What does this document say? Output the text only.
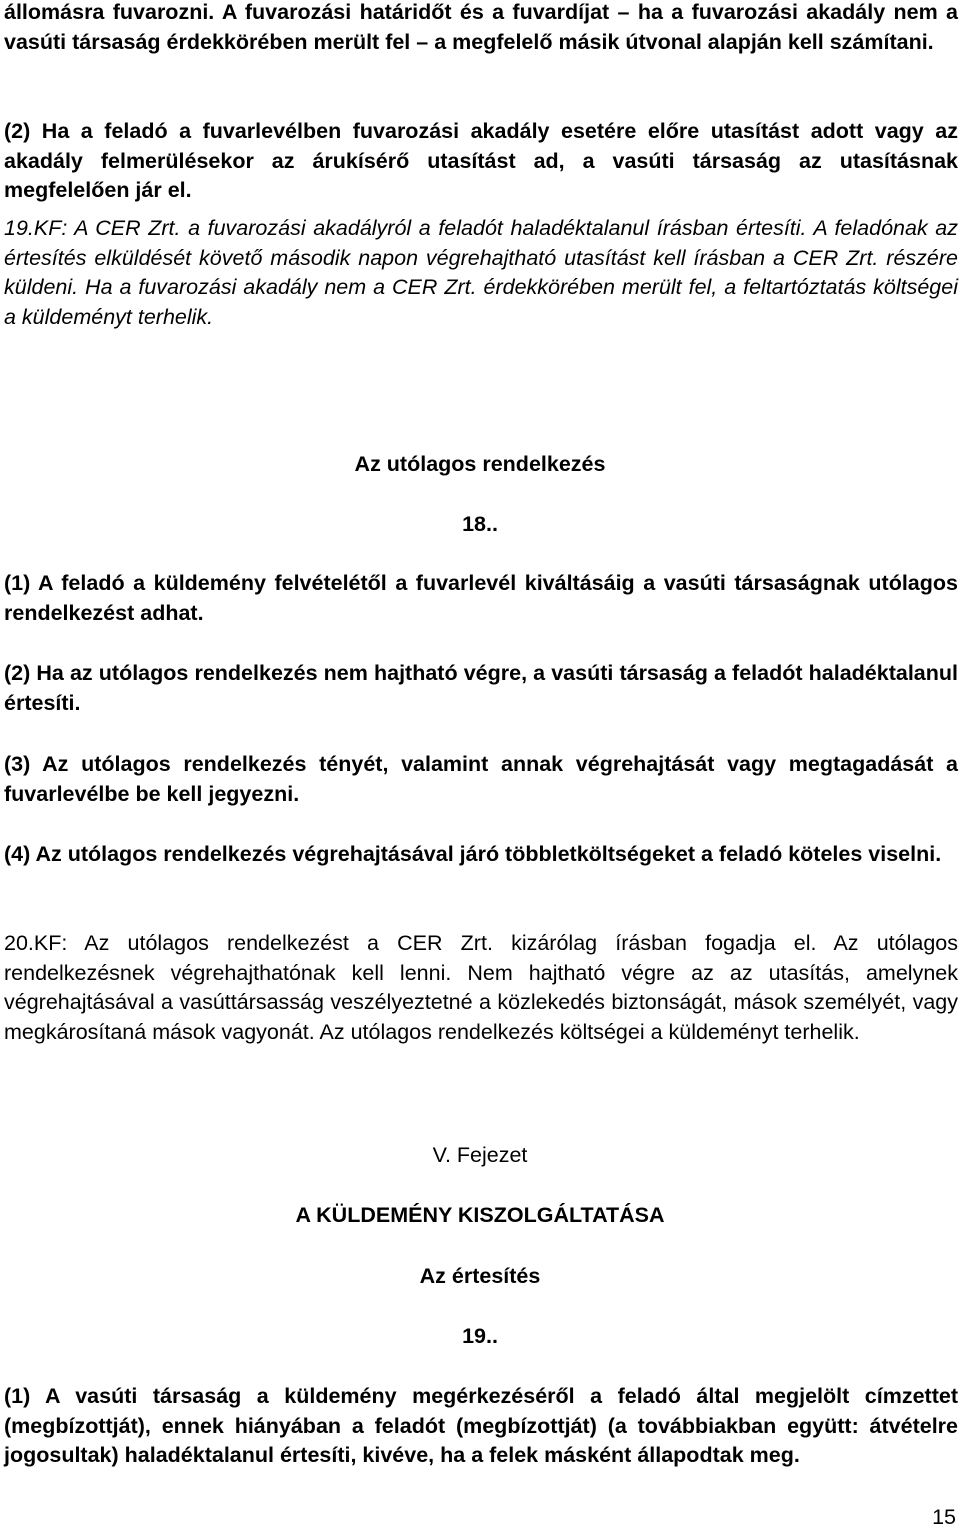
állomásra fuvarozni. A fuvarozási határidőt és a fuvardíjat – ha a fuvarozási akadály nem a vasúti társaság érdekkörében merült fel – a megfelelő másik útvonal alapján kell számítani.

(2) Ha a feladó a fuvarlevélben fuvarozási akadály esetére előre utasítást adott vagy az akadály felmerülésekor az árukísérő utasítást ad, a vasúti társaság az utasításnak megfelelően jár el.

19.KF: A CER Zrt. a fuvarozási akadályról a feladót haladéktalanul írásban értesíti. A feladónak az értesítés elküldését követő második napon végrehajtható utasítást kell írásban a CER Zrt. részére küldeni. Ha a fuvarozási akadály nem a CER Zrt. érdekkörében merült fel, a feltartóztatás költségei a küldeményt terhelik.

Az utólagos rendelkezés

18..

(1) A feladó a küldemény felvételétől a fuvarlevél kiváltásáig a vasúti társaságnak utólagos rendelkezést adhat.

(2) Ha az utólagos rendelkezés nem hajtható végre, a vasúti társaság a feladót haladéktalanul értesíti.

(3) Az utólagos rendelkezés tényét, valamint annak végrehajtását vagy megtagadását a fuvarlevélbe be kell jegyezni.

(4) Az utólagos rendelkezés végrehajtásával járó többletköltségeket a feladó köteles viselni.

20.KF: Az utólagos rendelkezést a CER Zrt. kizárólag írásban fogadja el. Az utólagos rendelkezésnek végrehajthatónak kell lenni. Nem hajtható végre az az utasítás, amelynek végrehajtásával a vasúttársasság veszélyeztetné a közlekedés biztonságát, mások személyét, vagy megkárosítaná mások vagyonát. Az utólagos rendelkezés költségei a küldeményt terhelik.

V. Fejezet

A KÜLDEMÉNY KISZOLGÁLTATÁSA

Az értesítés

19..

(1) A vasúti társaság a küldemény megérkezéséről a feladó által megjelölt címzettet (megbízottját), ennek hiányában a feladót (megbízottját) (a továbbiakban együtt: átvételre jogosultak) haladéktalanul értesíti, kivéve, ha a felek másként állapodtak meg.

15
